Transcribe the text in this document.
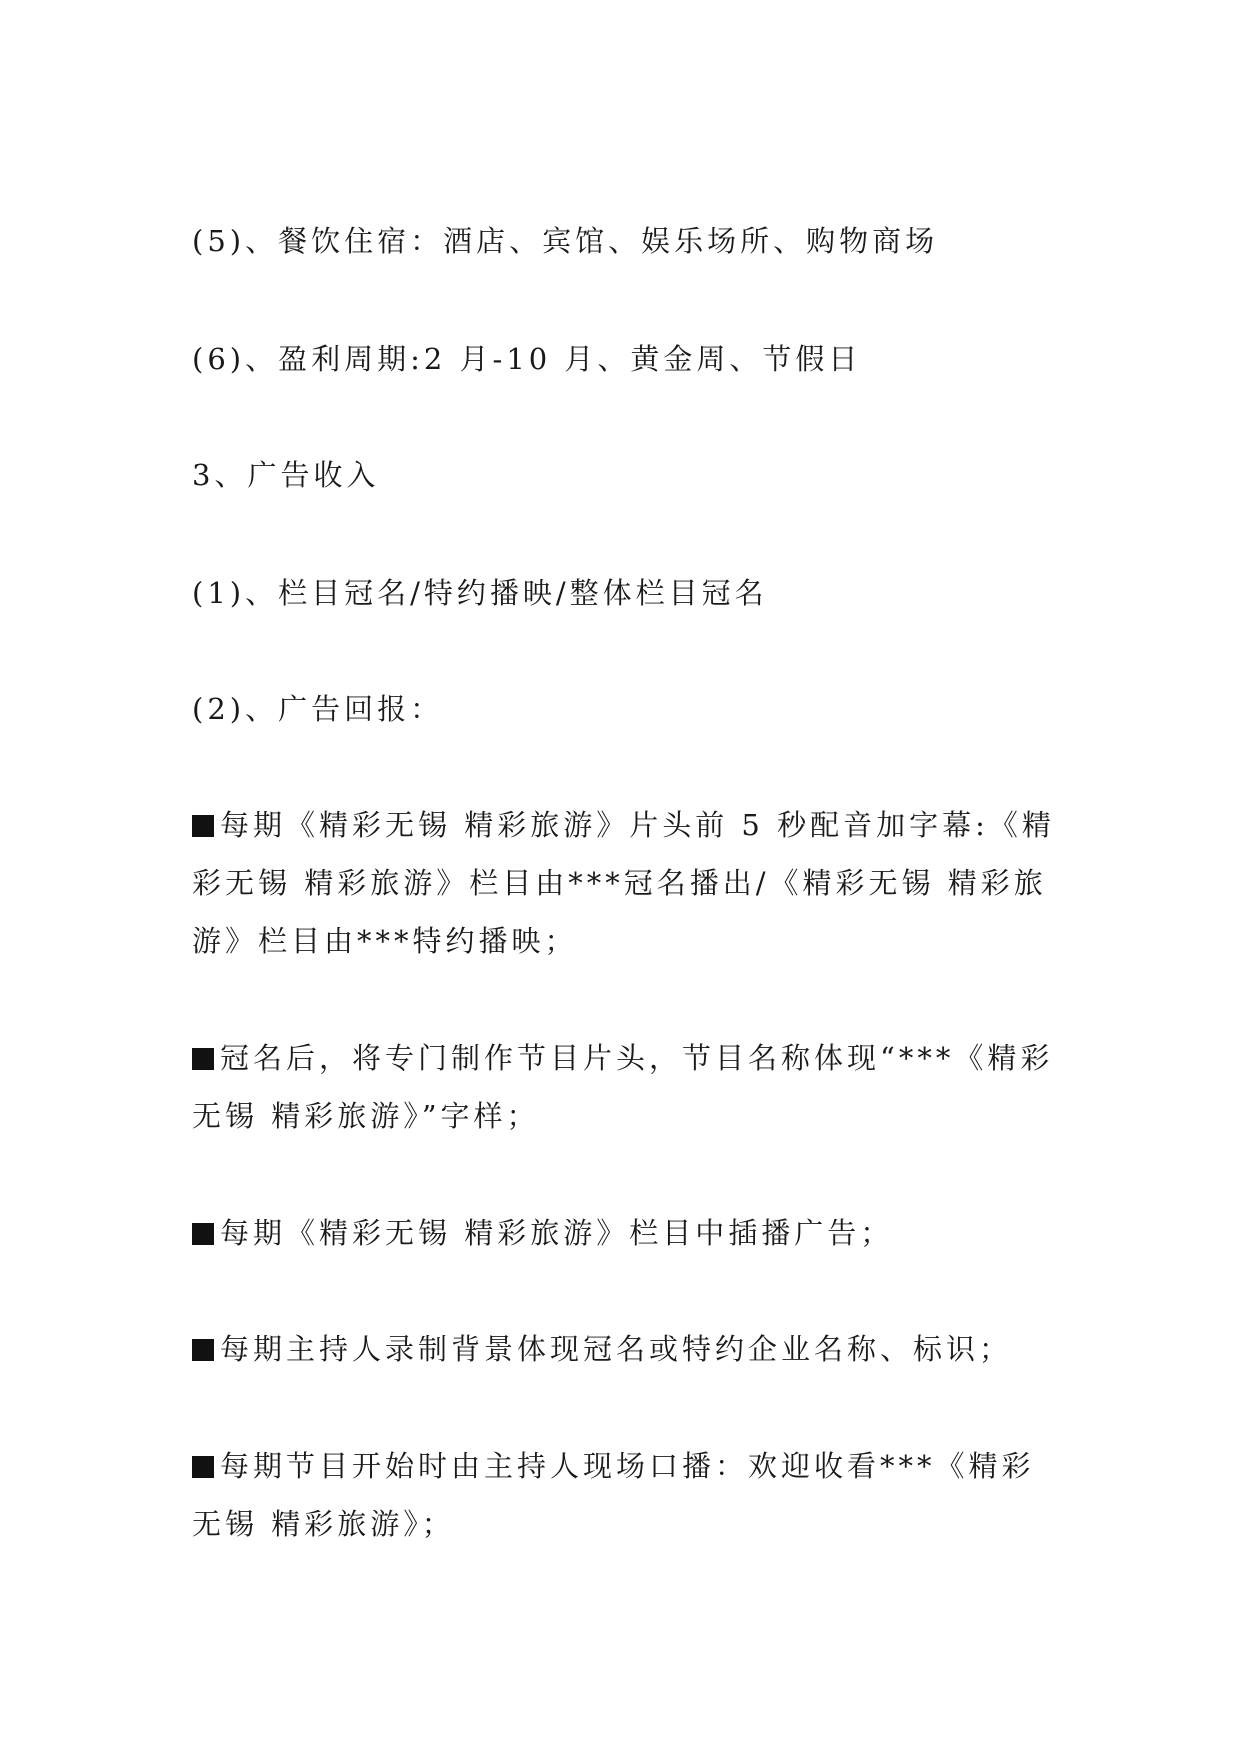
(5)、餐饮住宿：酒店、宾馆、娱乐场所、购物商场

(6)、盈利周期:2 月-10 月、黄金周、节假日

3、广告收入

(1)、栏目冠名/特约播映/整体栏目冠名

(2)、广告回报：

每期《精彩无锡 精彩旅游》片头前 5 秒配音加字幕:《精彩无锡 精彩旅游》栏目由***冠名播出/《精彩无锡 精彩旅游》栏目由***特约播映；

冠名后，将专门制作节目片头，节目名称体现“***《精彩无锡 精彩旅游》”字样；

每期《精彩无锡 精彩旅游》栏目中插播广告；

每期主持人录制背景体现冠名或特约企业名称、标识；

每期节目开始时由主持人现场口播：欢迎收看***《精彩无锡 精彩旅游》；
